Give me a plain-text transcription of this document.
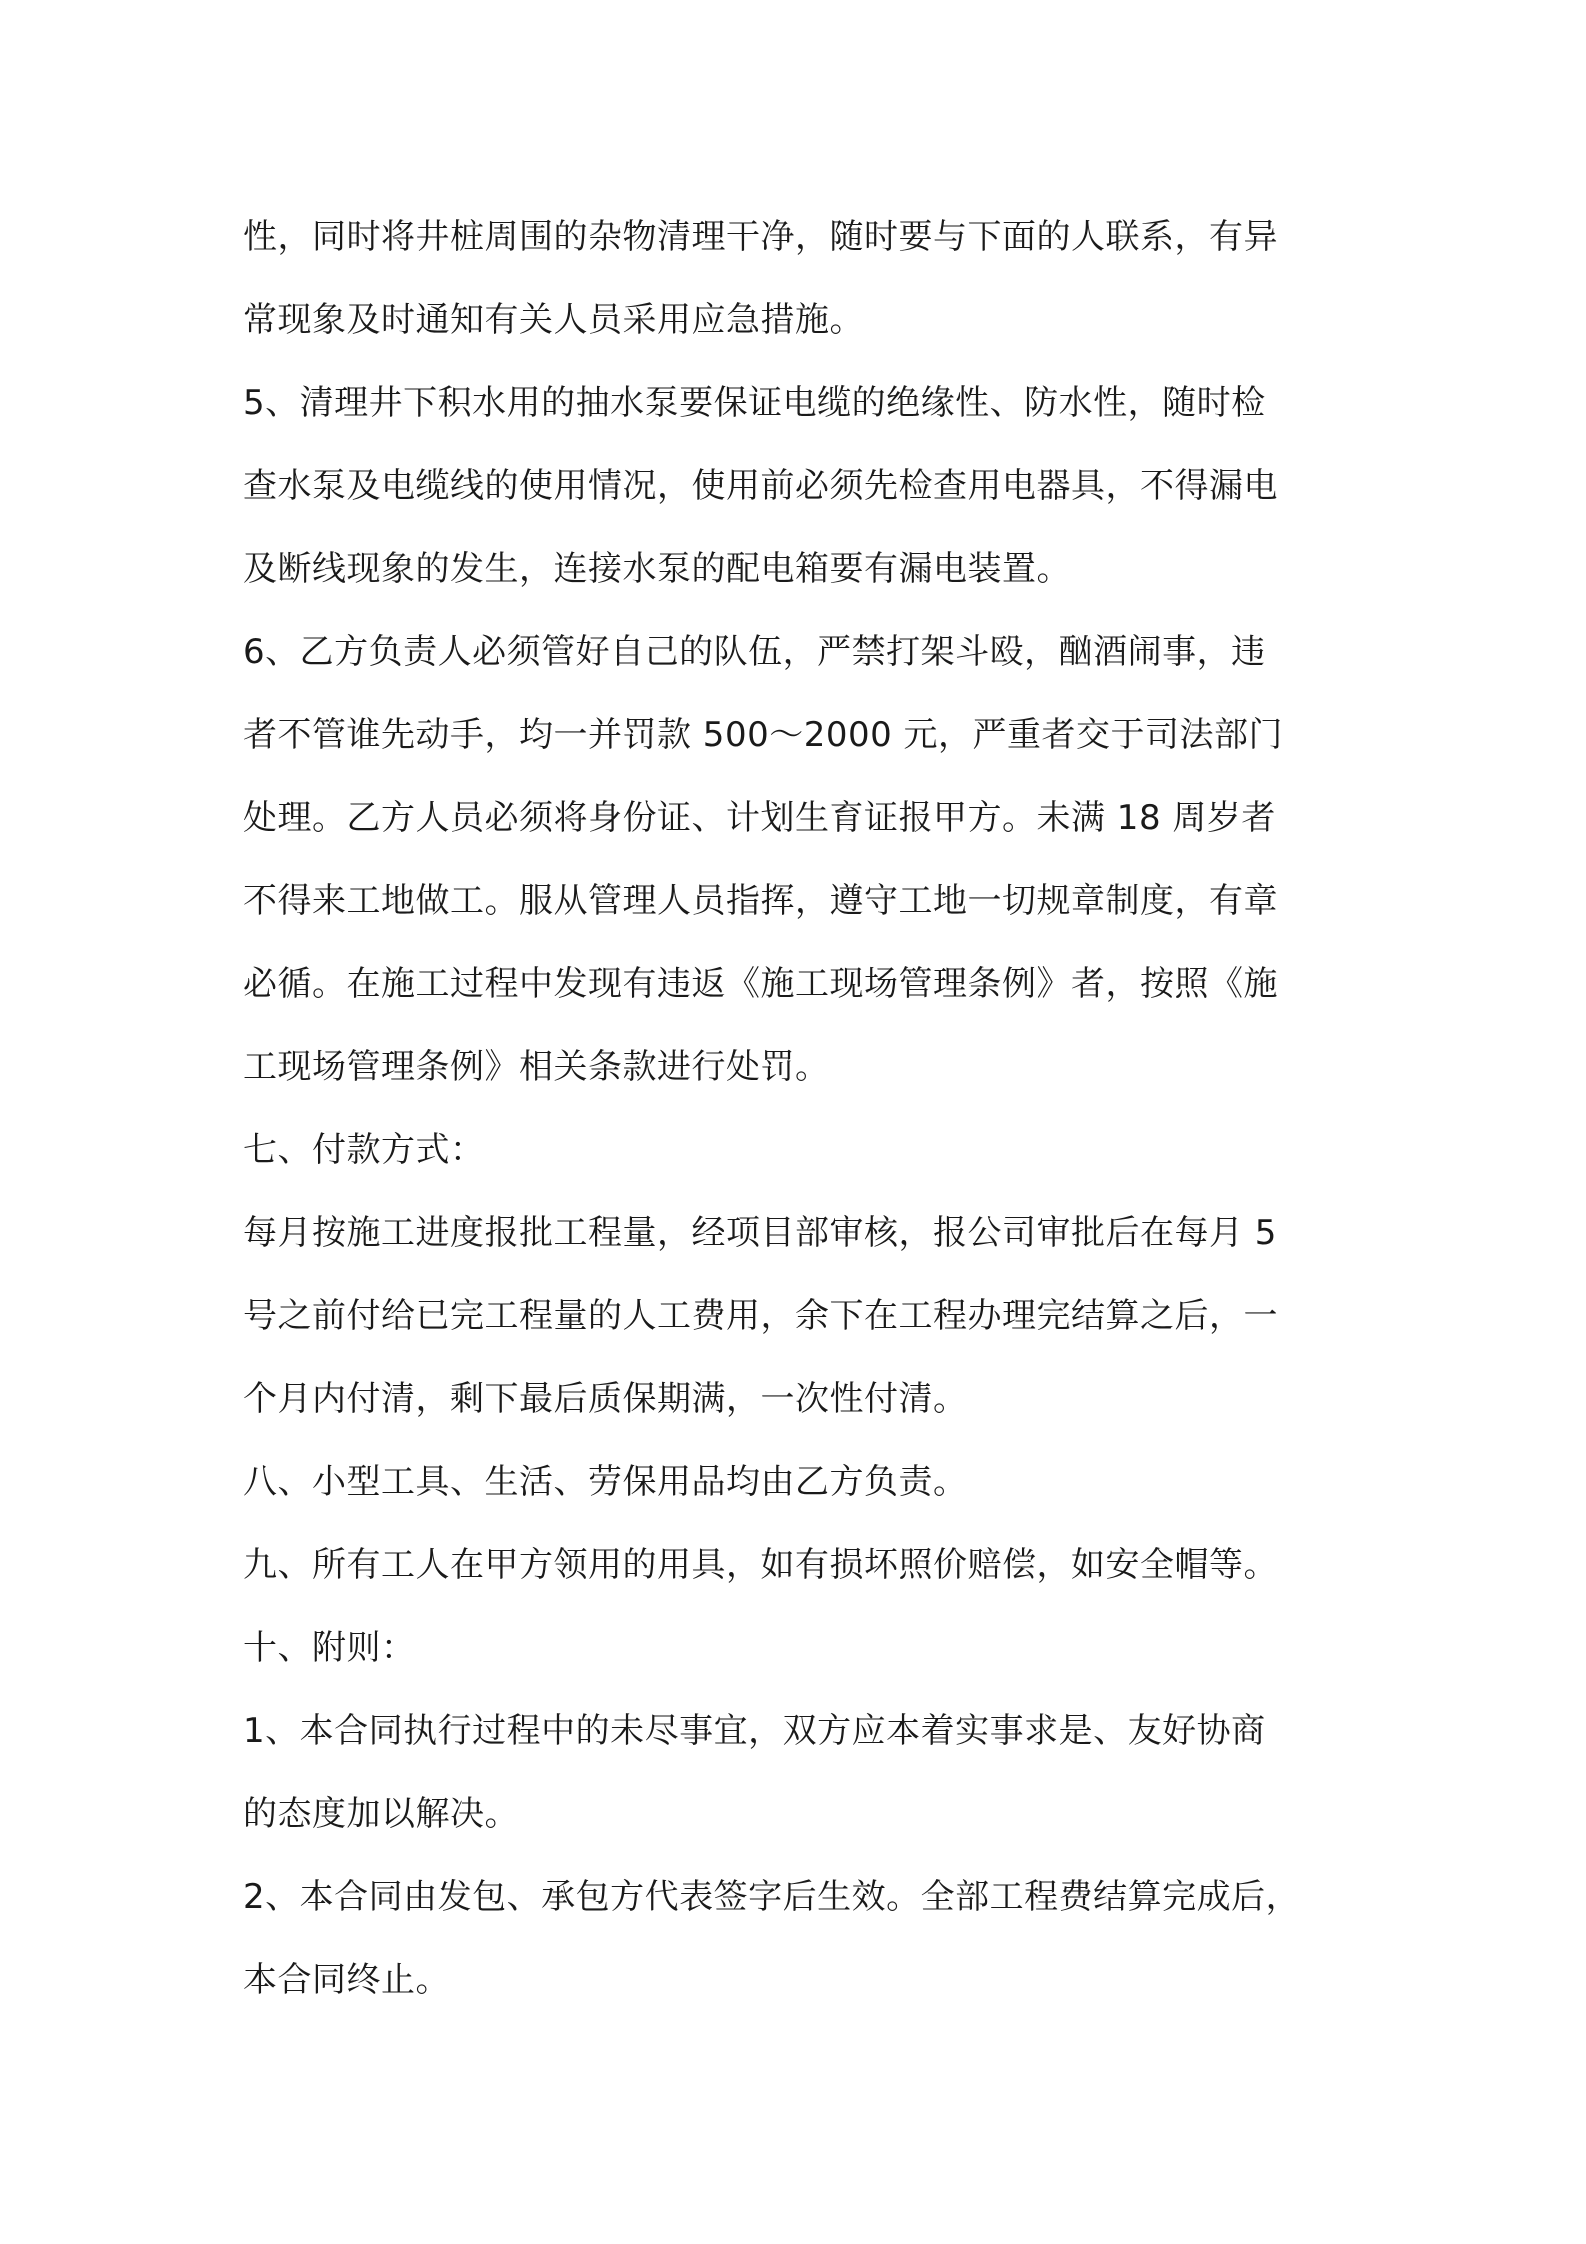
性，同时将井桩周围的杂物清理干净，随时要与下面的人联系，有异
常现象及时通知有关人员采用应急措施。
5、清理井下积水用的抽水泵要保证电缆的绝缘性、防水性，随时检
查水泵及电缆线的使用情况，使用前必须先检查用电器具，不得漏电
及断线现象的发生，连接水泵的配电箱要有漏电装置。
6、乙方负责人必须管好自己的队伍，严禁打架斗殴，酗酒闹事，违
者不管谁先动手，均一并罚款 500～2000 元，严重者交于司法部门
处理。乙方人员必须将身份证、计划生育证报甲方。未满 18 周岁者
不得来工地做工。服从管理人员指挥，遵守工地一切规章制度，有章
必循。在施工过程中发现有违返《施工现场管理条例》者，按照《施
工现场管理条例》相关条款进行处罚。
七、付款方式：
每月按施工进度报批工程量，经项目部审核，报公司审批后在每月 5
号之前付给已完工程量的人工费用，余下在工程办理完结算之后，一
个月内付清，剩下最后质保期满，一次性付清。
八、小型工具、生活、劳保用品均由乙方负责。
九、所有工人在甲方领用的用具，如有损坏照价赔偿，如安全帽等。
十、附则：
1、本合同执行过程中的未尽事宜，双方应本着实事求是、友好协商
的态度加以解决。
2、本合同由发包、承包方代表签字后生效。全部工程费结算完成后，
本合同终止。
